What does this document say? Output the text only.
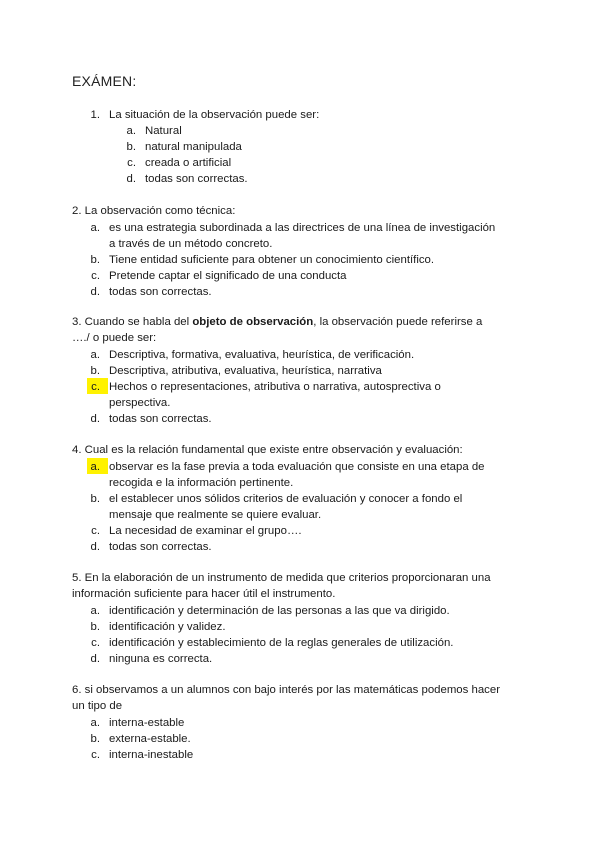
EXÁMEN:
1. La situación de la observación puede ser:
a. Natural
b. natural manipulada
c. creada o artificial
d. todas son correctas.
2. La observación como técnica:
a. es una estrategia subordinada a las directrices de una línea de investigación
a través de un método concreto.
b. Tiene entidad suficiente para obtener un conocimiento científico.
c. Pretende captar el significado de una conducta
d. todas son correctas.
3. Cuando se habla del objeto de observación, la observación puede referirse a
…./ o puede ser:
a. Descriptiva, formativa, evaluativa, heurística, de verificación.
b. Descriptiva, atributiva, evaluativa, heurística, narrativa
c. Hechos o representaciones, atributiva o narrativa, autosprectiva o
perspectiva.
d. todas son correctas.
4. Cual es la relación fundamental que existe entre observación y evaluación:
a. observar es la fase previa a toda evaluación que consiste en una etapa de
recogida e la información pertinente.
b. el establecer unos sólidos criterios de evaluación y conocer a fondo el
mensaje que realmente se quiere evaluar.
c. La necesidad de examinar el grupo….
d. todas son correctas.
5. En la elaboración de un instrumento de medida que criterios proporcionaran una
información suficiente para hacer útil el instrumento.
a. identificación y determinación de las personas a las que va dirigido.
b. identificación y validez.
c. identificación y establecimiento de la reglas generales de utilización.
d. ninguna es correcta.
6. si observamos a un alumnos con bajo interés por las matemáticas podemos hacer
un tipo de
a. interna-estable
b. externa-estable.
c. interna-inestable
